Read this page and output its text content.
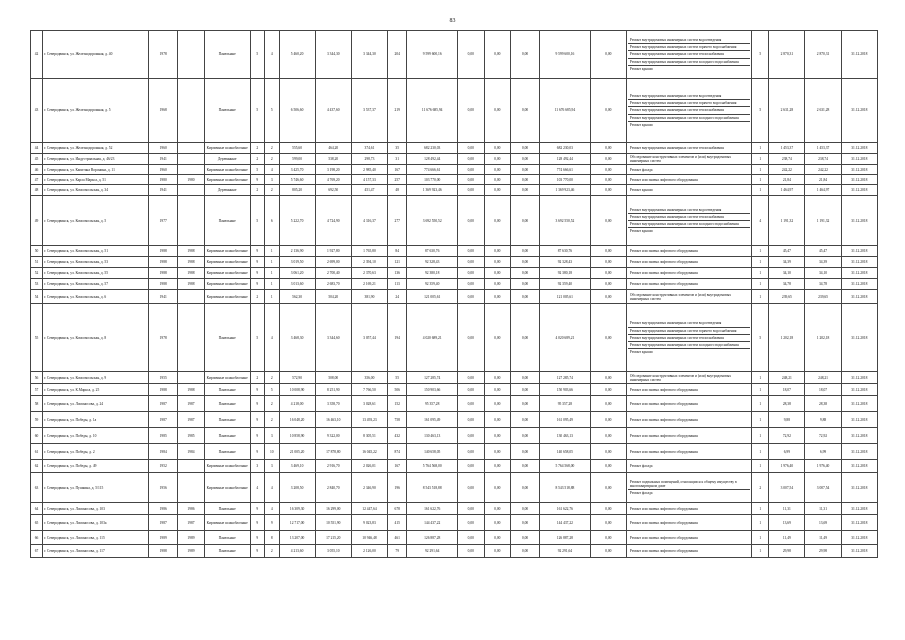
83
42	г. Северодвинск, ул. Железнодорожная, д. 40	1978		Панельные	5	4	5 460,20	3 344,30	3 344,30	204	9 599 600,16	0,00	0,00	0,00	9 599 600,16	0,00	Ремонт внутридомовых инженерных систем водоотведения
Ремонт внутридомовых инженерных систем горячего водоснабжения
Ремонт внутридомовых инженерных систем теплоснабжения
Ремонт внутридомовых инженерных систем холодного водоснабжения
Ремонт крыши	5	2 870,31	2 870,31	31.12.2018
43	г. Северодвинск, ул. Железнодорожная, д. 5	1968		Панельные	5	5	6 506,60	4 437,60	3 537,37	219	11 676 685,94	0,00	0,00	0,00	11 676 685,94	0,00	Ремонт внутридомовых инженерных систем водоотведения
Ремонт внутридомовых инженерных систем горячего водоснабжения
Ремонт внутридомовых инженерных систем теплоснабжения
Ремонт внутридомовых инженерных систем холодного водоснабжения
Ремонт крыши	5	2 631,28	2 631,28	31.12.2018
44	г. Северодвинск, ул. Железнодорожная, д. 52	1960		Кирпичные шлакоблочные	2	2	555,60	464,20	374,61	35	682 230,03	0,00	0,00	0,00	682 230,03	0,00	Ремонт внутридомовых инженерных систем теплоснабжения	1	1 453,37	1 453,37	31.12.2018
45	г. Северодвинск, ул. Индустриальная, д. 46/23	1941		Деревянные	2	2	599,00	538,20	298,73	31	128 492,44	0,00	0,00	0,00	128 492,44	0,00	Обследование конструктивных элементов и (или) внутридомовых инженерных систем	1	238,74	238,74	31.12.2018
46	г. Северодвинск, ул. Капитана Воронина, д. 11	1960		Кирпичные шлакоблочные	5	4	3 425,70	3 198,20	2 985,40	167	774 666,61	0,00	0,00	0,00	774 666,61	0,00	Ремонт фасада	1	242,22	242,22	31.12.2018
47	г. Северодвинск, ул. Карла Маркса, д. 51	1980	1980	Кирпичные шлакоблочные	9	3	5 746,60	4 769,20	4 157,33	257	103 770,00	0,00	0,00	0,00	103 770,00	0,00	Ремонт или замена лифтового оборудования	1	21,84	21,84	31.12.2018
48	г. Северодвинск, ул. Комсомольская, д. 34	1941		Деревянные	2	2	805,20	692,50	451,47	48	1 369 923,46	0,00	0,00	0,00	1 369 923,46	0,00	Ремонт крыши	1	1 464,97	1 464,97	31.12.2018
49	г. Северодвинск, ул. Комсомольская, д. 5	1977		Панельные	5	6	5 222,70	4 724,90	4 316,37	277	3 692 550,52	0,00	0,00	0,00	3 692 550,52	0,00	Ремонт внутридомовых инженерных систем водоотведения
Ремонт внутридомовых инженерных систем теплоснабжения
Ремонт внутридомовых инженерных систем холодного водоснабжения
Ремонт крыши	4	1 191,32	1 191,32	31.12.2018
50	г. Северодвинск, ул. Комсомольская, д. 51	1988	1988	Кирпичные шлакоблочные	9	1	2 136,90	1 927,80	1 765,80	84	87 630,76	0,00	0,00	0,00	87 630,76	0,00	Ремонт или замена лифтового оборудования	1	45,47	45,47	31.12.2018
51	г. Северодвинск, ул. Комсомольская, д. 53	1988	1988	Кирпичные шлакоблочные	9	1	3 019,50	2 699,00	2 394,10	121	92 328,43	0,00	0,00	0,00	92 328,43	0,00	Ремонт или замена лифтового оборудования	1	34,39	34,39	31.12.2018
52	г. Северодвинск, ул. Комсомольская, д. 55	1988	1988	Кирпичные шлакоблочные	9	1	3 061,20	2 700,40	2 370,63	136	92 380,18	0,00	0,00	0,00	92 380,18	0,00	Ремонт или замена лифтового оборудования	1	34,10	34,10	31.12.2018
53	г. Северодвинск, ул. Комсомольская, д. 57	1988	1988	Кирпичные шлакоблочные	9	1	3 013,60	2 683,70	2 169,21	113	92 359,40	0,00	0,00	0,00	92 359,40	0,00	Ремонт или замена лифтового оборудования	1	34,78	34,78	31.12.2018
54	г. Северодвинск, ул. Комсомольская, д. 6	1941		Кирпичные шлакоблочные	2	1	562,30	504,20	381,90	24	121 005,61	0,00	0,00	0,00	121 005,61	0,00	Обследование конструктивных элементов и (или) внутридомовых инженерных систем	1	239,65	239,65	31.12.2018
55	г. Северодвинск, ул. Комсомольская, д. 8	1978		Панельные	5	4	3 468,30	3 344,60	3 057,44	194	4 020 689,21	0,00	0,00	0,00	4 020 689,21	0,00	Ремонт внутридомовых инженерных систем водоотведения
Ремонт внутридомовых инженерных систем горячего водоснабжения
Ремонт внутридомовых инженерных систем теплоснабжения
Ремонт внутридомовых инженерных систем холодного водоснабжения
Ремонт крыши	5	1 202,18	1 202,18	31.12.2018
56	г. Северодвинск, ул. Комсомольская, д. 9	1955		Кирпичные шлакоблочные	2	2	572,90	508,00	356,00	55	127 285,74	0,00	0,00	0,00	127 285,74	0,00	Обследование конструктивных элементов и (или) внутридомовых инженерных систем	1	248,21	248,21	31.12.2018
57	г. Северодвинск, ул. К.Маркса, д. 25	1988	1988	Панельные	9	5	10 008,90	8 251,90	7 766,50	506	150 903,66	0,00	0,00	0,00	150 903,66	0,00	Ремонт или замена лифтового оборудования	1	18,07	18,07	31.12.2018
58	г. Северодвинск, ул. Ломоносова, д. 24	1987	1987	Панельные	9	2	4 218,00	3 358,70	3 028,61	152	95 357,28	0,00	0,00	0,00	95 357,28	0,00	Ремонт или замена лифтового оборудования	1	28,38	28,38	31.12.2018
59	г. Северодвинск, ул. Победы, д. 1а	1987	1987	Панельные	9	2	16 048,20	16 463,10	13 493,23	758	161 095,49	0,00	0,00	0,00	161 095,49	0,00	Ремонт или замена лифтового оборудования	1	9,88	9,88	31.12.2018
60	г. Северодвинск, ул. Победы, д. 10	1985	1985	Панельные	9	3	10 858,90	9 322,00	8 305,51	432	130 463,13	0,00	0,00	0,00	130 463,13	0,00	Ремонт или замена лифтового оборудования	1	72,92	72,92	31.12.2018
61	г. Северодвинск, ул. Победы, д. 2	1984	1984	Панельные	9	10	21 005,20	17 878,80	16 045,22	874	140 658,05	0,00	0,00	0,00	140 658,05	0,00	Ремонт или замена лифтового оборудования	1	6,99	6,99	31.12.2018
62	г. Северодвинск, ул. Победы, д. 49	1952		Кирпичные шлакоблочные	3	3	3 469,10	2 916,70	2 026,01	167	5 764 568,00	0,00	0,00	0,00	5 764 568,00	0,00	Ремонт фасада	1	1 976,40	1 976,40	31.12.2018
63	г. Северодвинск, ул. Пушкина, д. 5/115	1956		Кирпичные шлакоблочные	4	4	3 208,50	2 840,70	2 346,90	196	8 543 518,88	0,00	0,00	0,00	8 543 518,88	0,00	Ремонт подвальных помещений, относящихся к общему имуществу в многоквартирном доме
Ремонт фасада	2	3 007,54	3 007,54	31.12.2018
64	г. Северодвинск, ул. Ломоносова, д. 103	1986	1986	Панельные	9	4	16 309,30	16 299,00	12 447,64	678	161 622,76	0,00	0,00	0,00	161 622,76	0,00	Ремонт или замена лифтового оборудования	1	11,31	11,31	31.12.2018
65	г. Северодвинск, ул. Ломоносова, д. 103а	1987	1987	Кирпичные шлакоблочные	9	9	12 717,00	10 551,90	9 023,83	415	144 437,22	0,00	0,00	0,00	144 437,22	0,00	Ремонт или замена лифтового оборудования	1	13,69	13,69	31.12.2018
66	г. Северодвинск, ул. Ломоносова, д. 115	1989	1989	Панельные	9	8	13 207,00	17 215,20	10 946,48	461	126 887,28	0,00	0,00	0,00	126 887,28	0,00	Ремонт или замена лифтового оборудования	1	11,49	11,49	31.12.2018
67	г. Северодвинск, ул. Ломоносова, д. 117	1988	1989	Панельные	9	2	4 213,60	3 055,10	2 126,00	79	92 291,64	0,00	0,00	0,00	92 291,64	0,00	Ремонт или замена лифтового оборудования	1	29,98	29,98	31.12.2018
